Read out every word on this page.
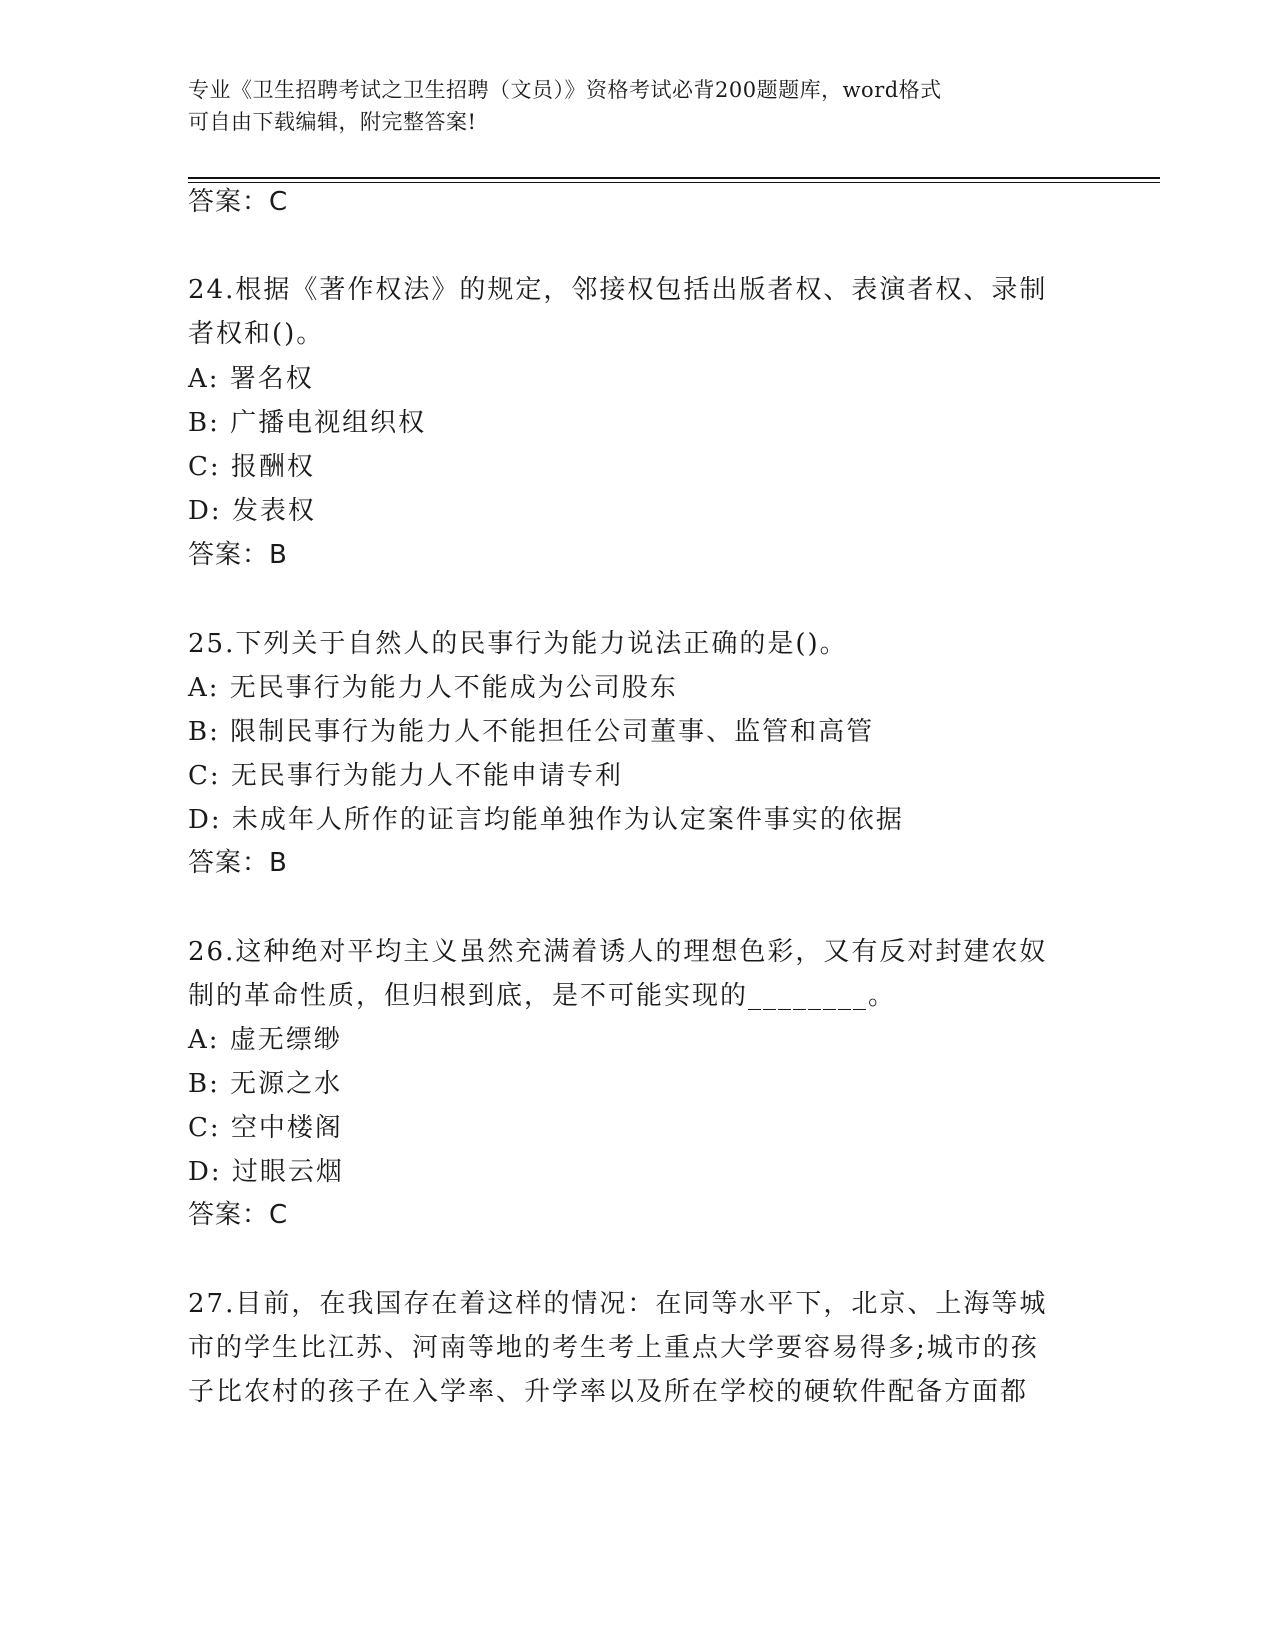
专业《卫生招聘考试之卫生招聘（文员）》资格考试必背200题题库，word格式
可自由下载编辑，附完整答案!
答案：C
24.根据《著作权法》的规定，邻接权包括出版者权、表演者权、录制
者权和()。
A: 署名权
B: 广播电视组织权
C: 报酬权
D: 发表权
答案：B
25.下列关于自然人的民事行为能力说法正确的是()。
A: 无民事行为能力人不能成为公司股东
B: 限制民事行为能力人不能担任公司董事、监管和高管
C: 无民事行为能力人不能申请专利
D: 未成年人所作的证言均能单独作为认定案件事实的依据
答案：B
26.这种绝对平均主义虽然充满着诱人的理想色彩，又有反对封建农奴
制的革命性质，但归根到底，是不可能实现的________。
A: 虚无缥缈
B: 无源之水
C: 空中楼阁
D: 过眼云烟
答案：C
27.目前，在我国存在着这样的情况：在同等水平下，北京、上海等城
市的学生比江苏、河南等地的考生考上重点大学要容易得多;城市的孩
子比农村的孩子在入学率、升学率以及所在学校的硬软件配备方面都
